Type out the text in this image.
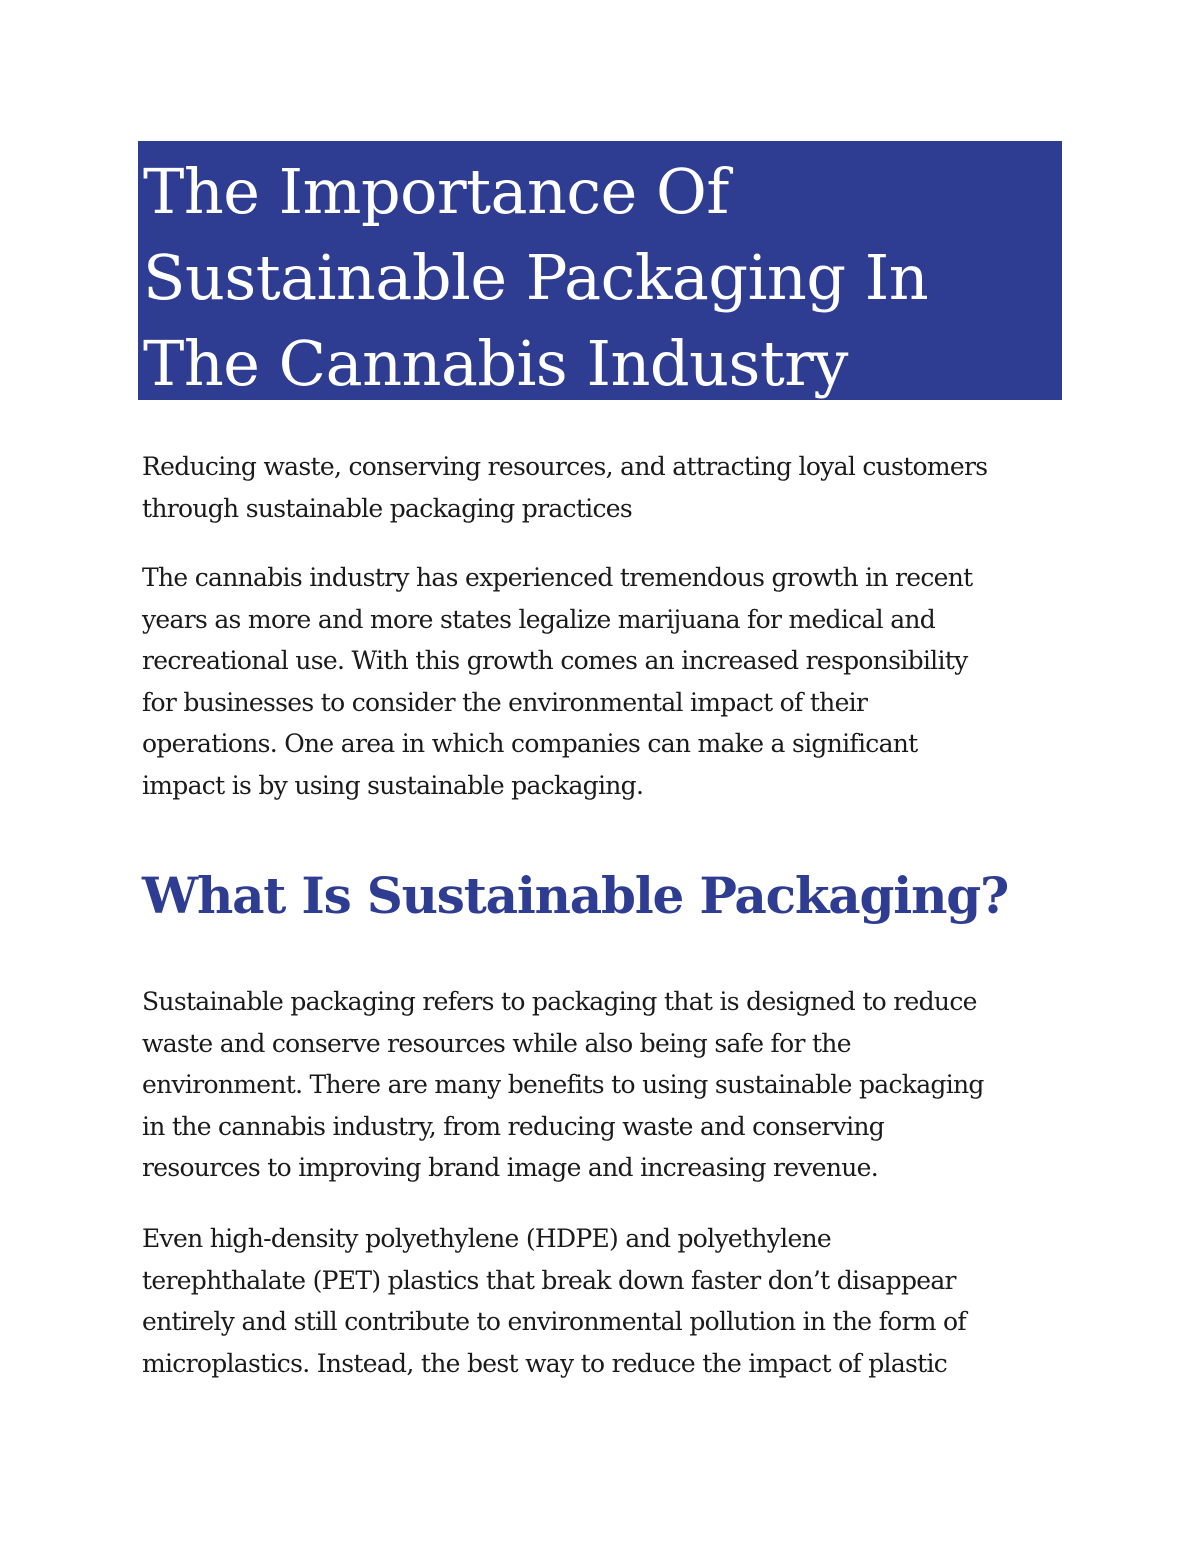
The Importance Of
Sustainable Packaging In
The Cannabis Industry

Reducing waste, conserving resources, and attracting loyal customers
through sustainable packaging practices

The cannabis industry has experienced tremendous growth in recent
years as more and more states legalize marijuana for medical and
recreational use. With this growth comes an increased responsibility
for businesses to consider the environmental impact of their
operations. One area in which companies can make a significant
impact is by using sustainable packaging.

What Is Sustainable Packaging?

Sustainable packaging refers to packaging that is designed to reduce
waste and conserve resources while also being safe for the
environment. There are many benefits to using sustainable packaging
in the cannabis industry, from reducing waste and conserving
resources to improving brand image and increasing revenue.

Even high-density polyethylene (HDPE) and polyethylene
terephthalate (PET) plastics that break down faster don’t disappear
entirely and still contribute to environmental pollution in the form of
microplastics. Instead, the best way to reduce the impact of plastic
